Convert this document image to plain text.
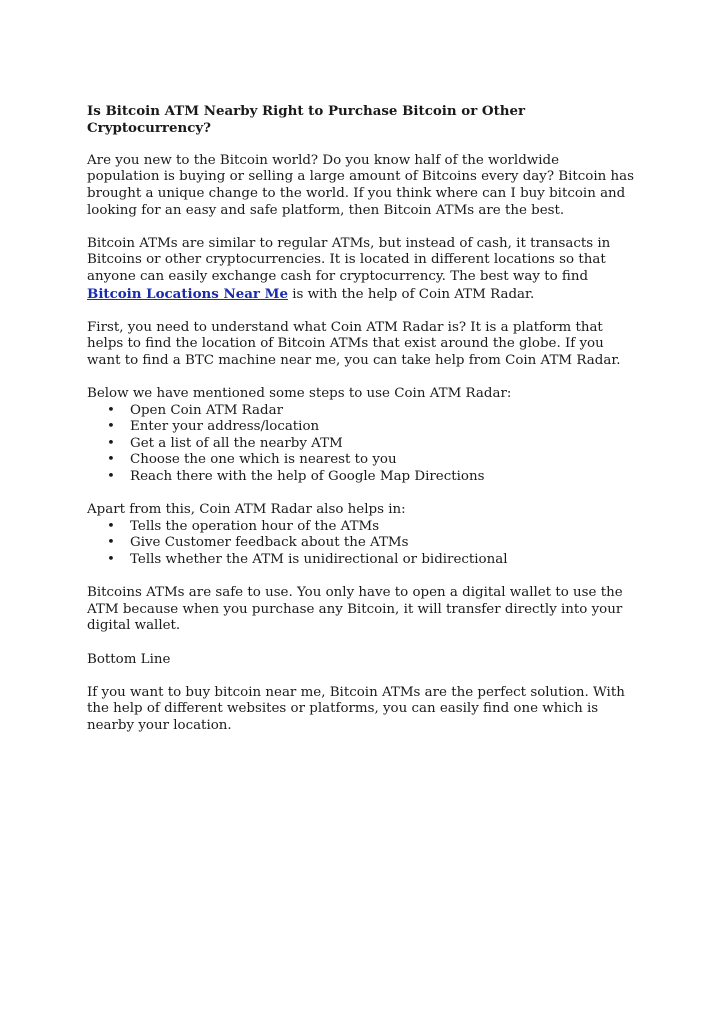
Is Bitcoin ATM Nearby Right to Purchase Bitcoin or Other Cryptocurrency?

Are you new to the Bitcoin world? Do you know half of the worldwide population is buying or selling a large amount of Bitcoins every day? Bitcoin has brought a unique change to the world. If you think where can I buy bitcoin and looking for an easy and safe platform, then Bitcoin ATMs are the best.

Bitcoin ATMs are similar to regular ATMs, but instead of cash, it transacts in Bitcoins or other cryptocurrencies. It is located in different locations so that anyone can easily exchange cash for cryptocurrency. The best way to find Bitcoin Locations Near Me is with the help of Coin ATM Radar.

First, you need to understand what Coin ATM Radar is? It is a platform that helps to find the location of Bitcoin ATMs that exist around the globe. If you want to find a BTC machine near me, you can take help from Coin ATM Radar.

Below we have mentioned some steps to use Coin ATM Radar:

• Open Coin ATM Radar
• Enter your address/location
• Get a list of all the nearby ATM
• Choose the one which is nearest to you
• Reach there with the help of Google Map Directions

Apart from this, Coin ATM Radar also helps in:

• Tells the operation hour of the ATMs
• Give Customer feedback about the ATMs
• Tells whether the ATM is unidirectional or bidirectional

Bitcoins ATMs are safe to use. You only have to open a digital wallet to use the ATM because when you purchase any Bitcoin, it will transfer directly into your digital wallet.

Bottom Line

If you want to buy bitcoin near me, Bitcoin ATMs are the perfect solution. With the help of different websites or platforms, you can easily find one which is nearby your location.
